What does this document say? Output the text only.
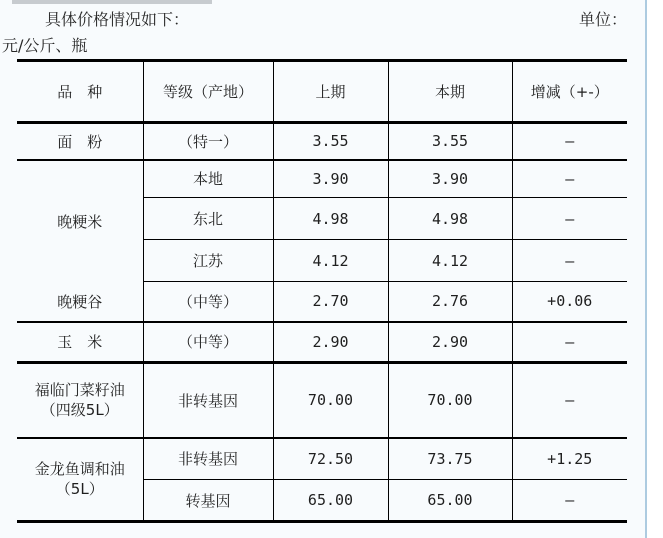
具体价格情况如下：	单位：
元/公斤、瓶
品　种	等级（产地）	上期	本期	增减（+-）
面　粉	（特一）	3.55	3.55	—
晚粳米	本地	3.90	3.90	—
	东北	4.98	4.98	—
	江苏	4.12	4.12	—
晚粳谷	（中等）	2.70	2.76	+0.06
玉　米	（中等）	2.90	2.90	—

福临门菜籽油
（四级5L）	非转基因	70.00	70.00	—

金龙鱼调和油
（5L）	非转基因	72.50	73.75	+1.25
	转基因	65.00	65.00	—
